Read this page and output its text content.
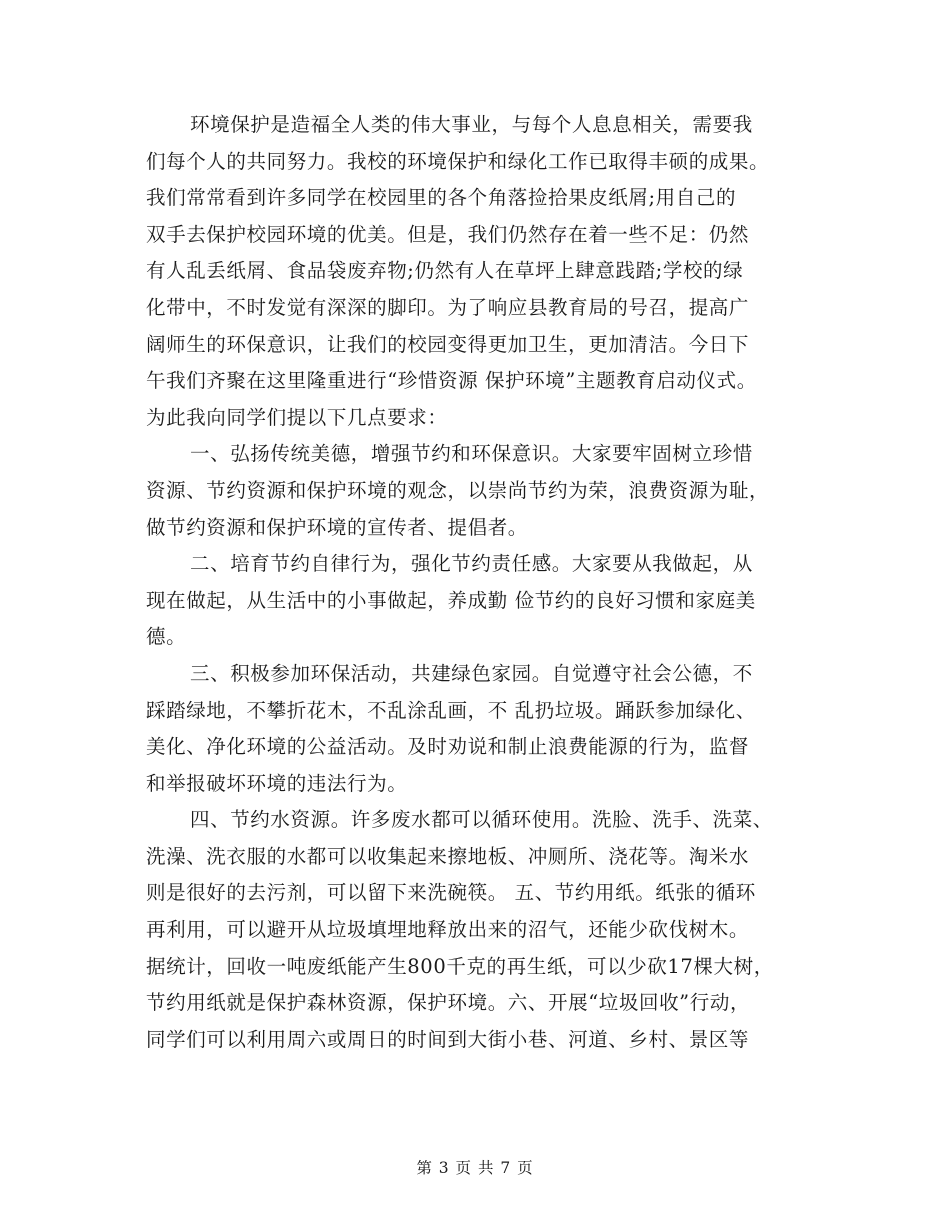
环境保护是造福全人类的伟大事业，与每个人息息相关，需要我
们每个人的共同努力。我校的环境保护和绿化工作已取得丰硕的成果。
我们常常看到许多同学在校园里的各个角落捡拾果皮纸屑;用自己的
双手去保护校园环境的优美。但是，我们仍然存在着一些不足：仍然
有人乱丢纸屑、食品袋废弃物;仍然有人在草坪上肆意践踏;学校的绿
化带中，不时发觉有深深的脚印。为了响应县教育局的号召，提高广
阔师生的环保意识，让我们的校园变得更加卫生，更加清洁。今日下
午我们齐聚在这里隆重进行“珍惜资源 保护环境”主题教育启动仪式。
为此我向同学们提以下几点要求：
一、弘扬传统美德，增强节约和环保意识。大家要牢固树立珍惜
资源、节约资源和保护环境的观念，以崇尚节约为荣，浪费资源为耻，
做节约资源和保护环境的宣传者、提倡者。
二、培育节约自律行为，强化节约责任感。大家要从我做起，从
现在做起，从生活中的小事做起，养成勤 俭节约的良好习惯和家庭美
德。
三、积极参加环保活动，共建绿色家园。自觉遵守社会公德，不
踩踏绿地，不攀折花木，不乱涂乱画，不 乱扔垃圾。踊跃参加绿化、
美化、净化环境的公益活动。及时劝说和制止浪费能源的行为，监督
和举报破坏环境的违法行为。
四、节约水资源。许多废水都可以循环使用。洗脸、洗手、洗菜、
洗澡、洗衣服的水都可以收集起来擦地板、冲厕所、浇花等。淘米水
则是很好的去污剂，可以留下来洗碗筷。 五、节约用纸。纸张的循环
再利用，可以避开从垃圾填埋地释放出来的沼气，还能少砍伐树木。
据统计，回收一吨废纸能产生800千克的再生纸，可以少砍17棵大树，
节约用纸就是保护森林资源，保护环境。六、开展“垃圾回收”行动，
同学们可以利用周六或周日的时间到大街小巷、河道、乡村、景区等
第 3 页 共 7 页
